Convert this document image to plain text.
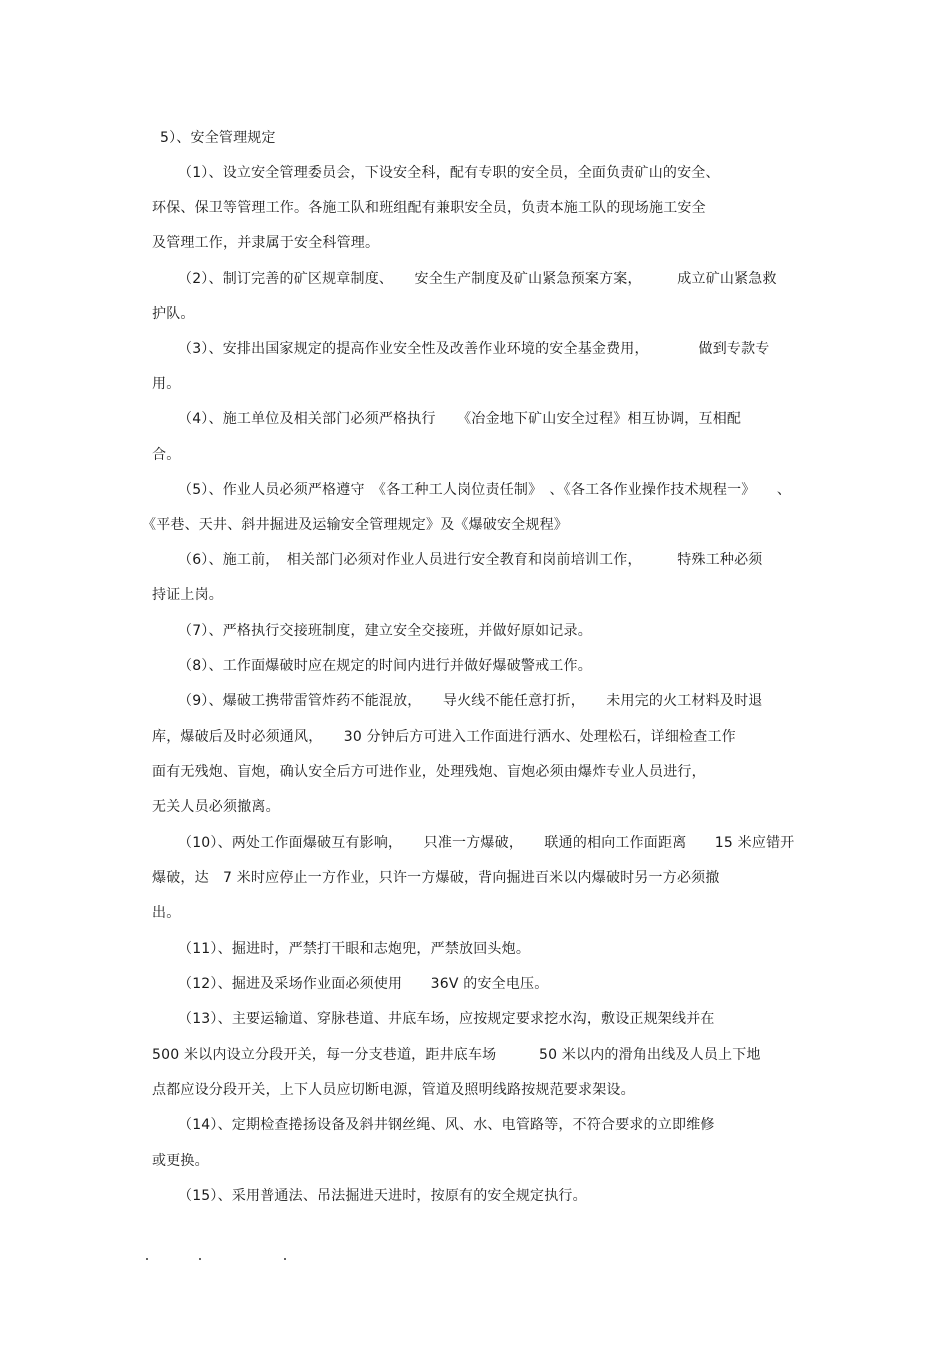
5）、安全管理规定

（1）、设立安全管理委员会，下设安全科，配有专职的安全员，全面负责矿山的安全、

环保、保卫等管理工作。各施工队和班组配有兼职安全员，负责本施工队的现场施工安全

及管理工作，并隶属于安全科管理。

（2）、制订完善的矿区规章制度、　　安全生产制度及矿山紧急预案方案，　　　成立矿山紧急救

护队。

（3）、安排出国家规定的提高作业安全性及改善作业环境的安全基金费用，　　　　做到专款专

用。

（4）、施工单位及相关部门必须严格执行　　《冶金地下矿山安全过程》相互协调，互相配

合。

（5）、作业人员必须严格遵守　《各工种工人岗位责任制》　、《各工各作业操作技术规程一》　　、

《平巷、天井、斜井掘进及运输安全管理规定》及《爆破安全规程》

（6）、施工前，　相关部门必须对作业人员进行安全教育和岗前培训工作，　　　特殊工种必须

持证上岗。

（7）、严格执行交接班制度，建立安全交接班，并做好原如记录。

（8）、工作面爆破时应在规定的时间内进行并做好爆破警戒工作。

（9）、爆破工携带雷管炸药不能混放，　　导火线不能任意打折，　　未用完的火工材料及时退

库，爆破后及时必须通风，　　30 分钟后方可进入工作面进行洒水、处理松石，详细检查工作

面有无残炮、盲炮，确认安全后方可进作业，处理残炮、盲炮必须由爆炸专业人员进行，

无关人员必须撤离。

（10）、两处工作面爆破互有影响，　　只准一方爆破，　　联通的相向工作面距离　　15 米应错开

爆破，达　7 米时应停止一方作业，只许一方爆破，背向掘进百米以内爆破时另一方必须撤

出。

（11）、掘进时，严禁打干眼和志炮兜，严禁放回头炮。

（12）、掘进及采场作业面必须使用　　36V 的安全电压。

（13）、主要运输道、穿脉巷道、井底车场，应按规定要求挖水沟，敷设正规架线并在

500 米以内设立分段开关，每一分支巷道，距井底车场　　　50 米以内的滑角出线及人员上下地

点都应设分段开关，上下人员应切断电源，管道及照明线路按规范要求架设。

（14）、定期检查捲扬设备及斜井钢丝绳、风、水、电管路等，不符合要求的立即维修

或更换。

（15）、采用普通法、吊法掘进天进时，按原有的安全规定执行。
